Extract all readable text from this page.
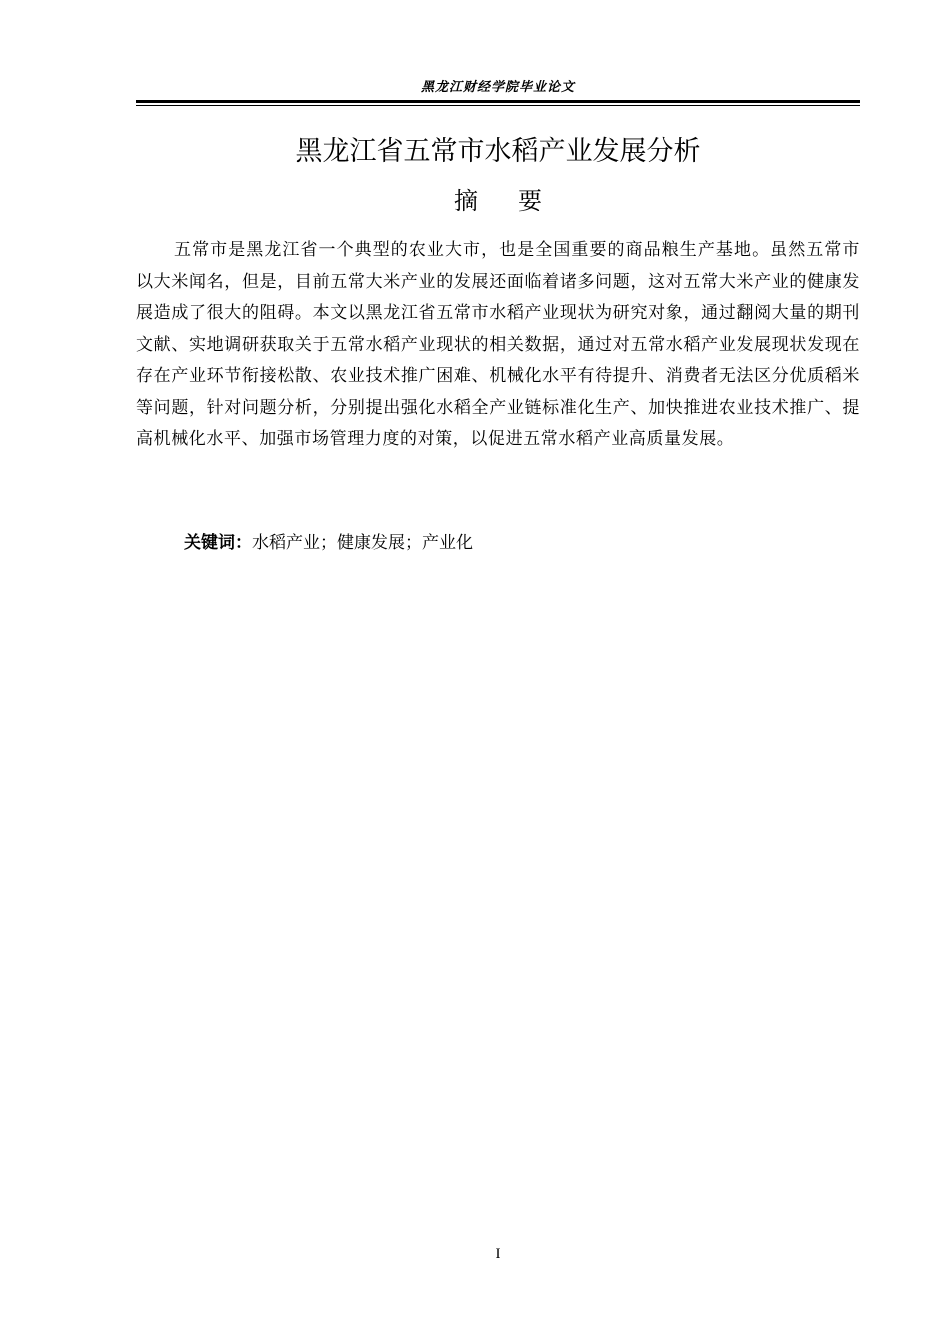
黑龙江财经学院毕业论文
黑龙江省五常市水稻产业发展分析
摘要

五常市是黑龙江省一个典型的农业大市，也是全国重要的商品粮生产基地。虽然五常市以大米闻名，但是，目前五常大米产业的发展还面临着诸多问题，这对五常大米产业的健康发展造成了很大的阻碍。本文以黑龙江省五常市水稻产业现状为研究对象，通过翻阅大量的期刊文献、实地调研获取关于五常水稻产业现状的相关数据，通过对五常水稻产业发展现状发现在存在产业环节衔接松散、农业技术推广困难、机械化水平有待提升、消费者无法区分优质稻米等问题，针对问题分析，分别提出强化水稻全产业链标准化生产、加快推进农业技术推广、提高机械化水平、加强市场管理力度的对策，以促进五常水稻产业高质量发展。

关键词：水稻产业；健康发展；产业化
I
